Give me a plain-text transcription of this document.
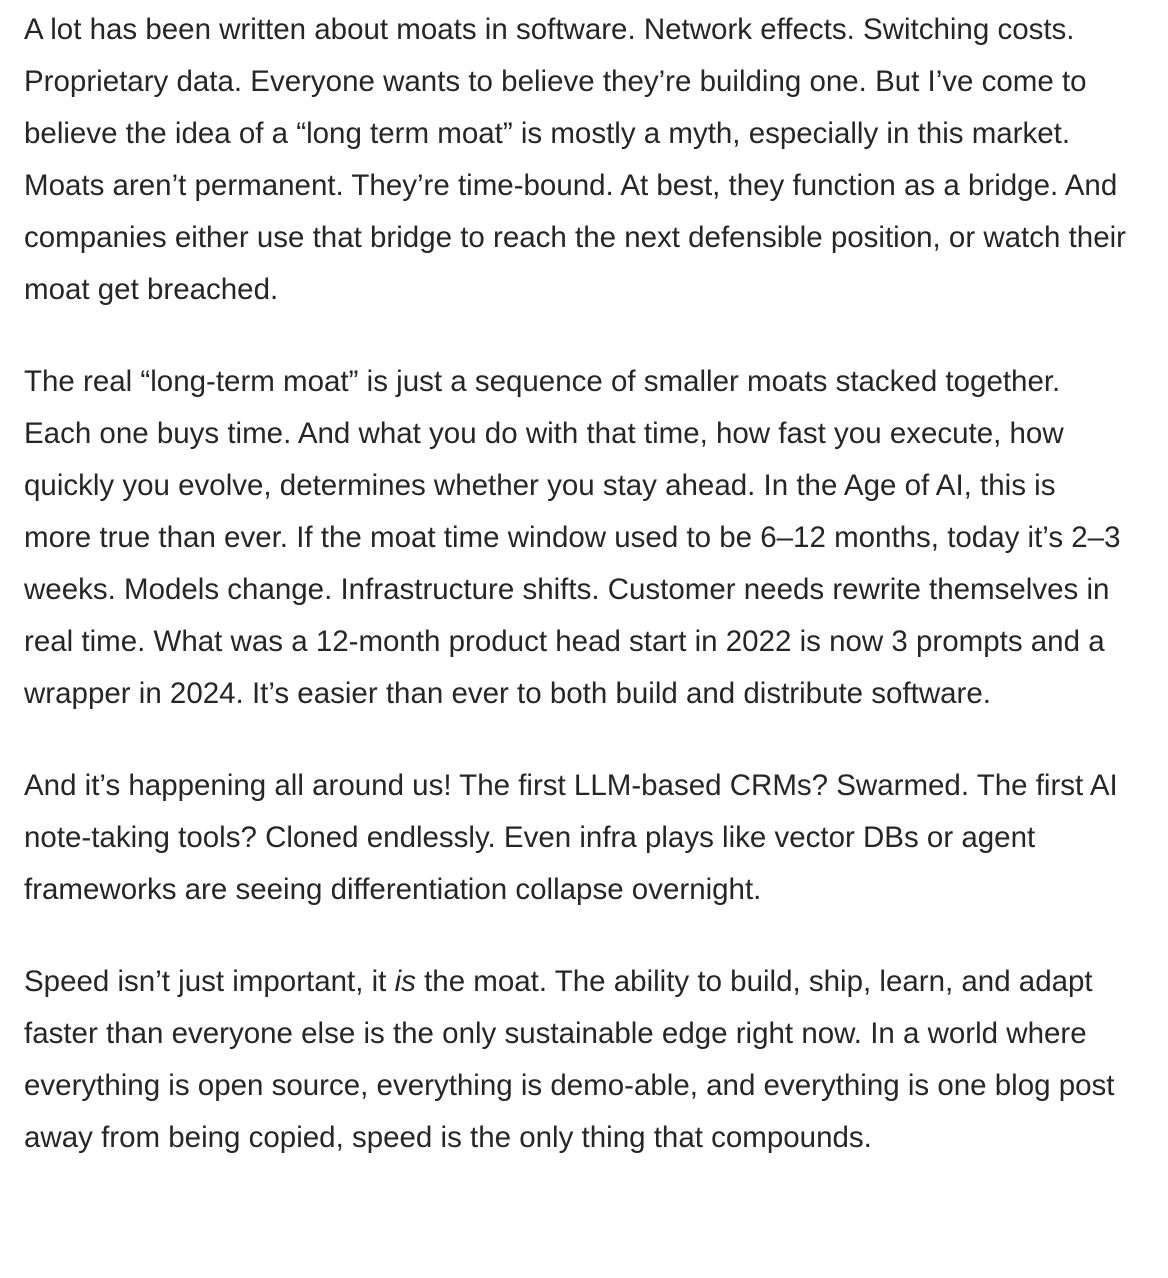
A lot has been written about moats in software. Network effects. Switching costs. Proprietary data. Everyone wants to believe they’re building one. But I’ve come to believe the idea of a “long term moat” is mostly a myth, especially in this market. Moats aren’t permanent. They’re time-bound. At best, they function as a bridge. And companies either use that bridge to reach the next defensible position, or watch their moat get breached.

The real “long-term moat” is just a sequence of smaller moats stacked together. Each one buys time. And what you do with that time, how fast you execute, how quickly you evolve, determines whether you stay ahead. In the Age of AI, this is more true than ever. If the moat time window used to be 6–12 months, today it’s 2–3 weeks. Models change. Infrastructure shifts. Customer needs rewrite themselves in real time. What was a 12-month product head start in 2022 is now 3 prompts and a wrapper in 2024. It’s easier than ever to both build and distribute software.

And it’s happening all around us! The first LLM-based CRMs? Swarmed. The first AI note-taking tools? Cloned endlessly. Even infra plays like vector DBs or agent frameworks are seeing differentiation collapse overnight.

Speed isn’t just important, it is the moat. The ability to build, ship, learn, and adapt faster than everyone else is the only sustainable edge right now. In a world where everything is open source, everything is demo-able, and everything is one blog post away from being copied, speed is the only thing that compounds.
